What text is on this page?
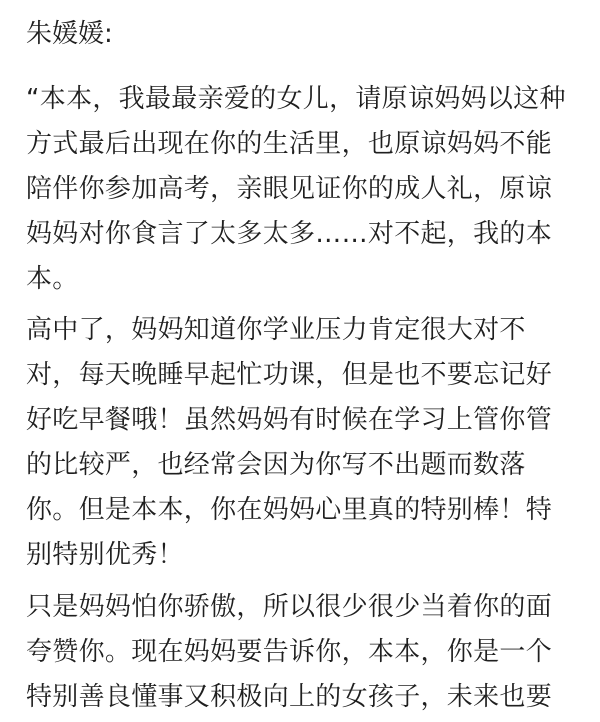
朱媛媛:
“本本，我最最亲爱的女儿，请原谅妈妈以这种
方式最后出现在你的生活里，也原谅妈妈不能
陪伴你参加高考，亲眼见证你的成人礼，原谅
妈妈对你食言了太多太多……对不起，我的本
本。
高中了，妈妈知道你学业压力肯定很大对不
对，每天晚睡早起忙功课，但是也不要忘记好
好吃早餐哦！虽然妈妈有时候在学习上管你管
的比较严，也经常会因为你写不出题而数落
你。但是本本，你在妈妈心里真的特别棒！特
别特别优秀！
只是妈妈怕你骄傲，所以很少很少当着你的面
夸赞你。现在妈妈要告诉你，本本，你是一个
特别善良懂事又积极向上的女孩子，未来也要
